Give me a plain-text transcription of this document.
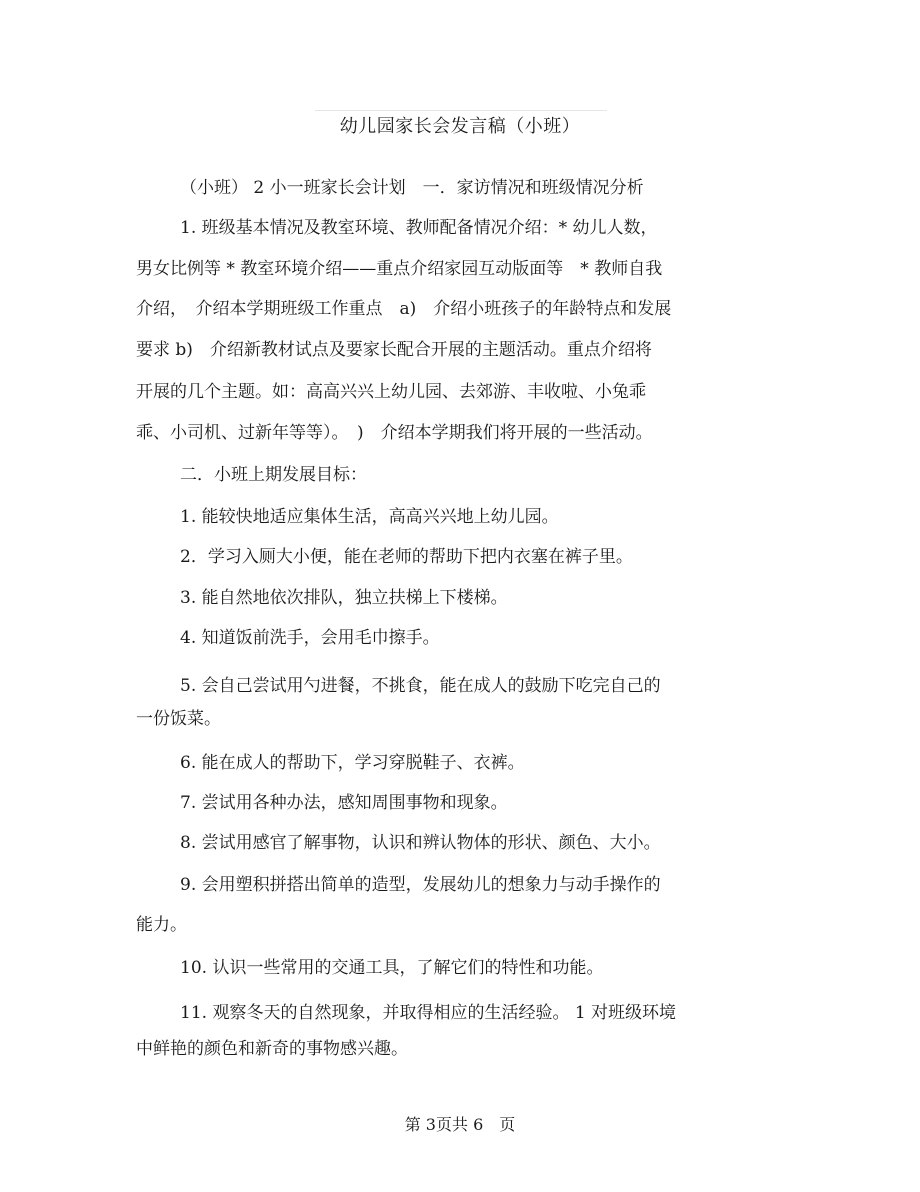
幼儿园家长会发言稿（小班）
（小班） 2 小一班家长会计划　一．家访情况和班级情况分析
1. 班级基本情况及教室环境、教师配备情况介绍：* 幼儿人数，
男女比例等 * 教室环境介绍——重点介绍家园互动版面等　* 教师自我
介绍，　介绍本学期班级工作重点　a)　介绍小班孩子的年龄特点和发展
要求 b)　介绍新教材试点及要家长配合开展的主题活动。重点介绍将
开展的几个主题。如：高高兴兴上幼儿园、去郊游、丰收啦、小兔乖
乖、小司机、过新年等等）。　)　介绍本学期我们将开展的一些活动。
二．小班上期发展目标：
1. 能较快地适应集体生活，高高兴兴地上幼儿园。
2．学习入厕大小便，能在老师的帮助下把内衣塞在裤子里。
3. 能自然地依次排队，独立扶梯上下楼梯。
4. 知道饭前洗手，会用毛巾擦手。
5. 会自己尝试用勺进餐，不挑食，能在成人的鼓励下吃完自己的
一份饭菜。
6. 能在成人的帮助下，学习穿脱鞋子、衣裤。
7. 尝试用各种办法，感知周围事物和现象。
8. 尝试用感官了解事物，认识和辨认物体的形状、颜色、大小。
9. 会用塑积拼搭出简单的造型，发展幼儿的想象力与动手操作的
能力。
10. 认识一些常用的交通工具，了解它们的特性和功能。
11. 观察冬天的自然现象，并取得相应的生活经验。 1 对班级环境
中鲜艳的颜色和新奇的事物感兴趣。
第 3页共 6　页
